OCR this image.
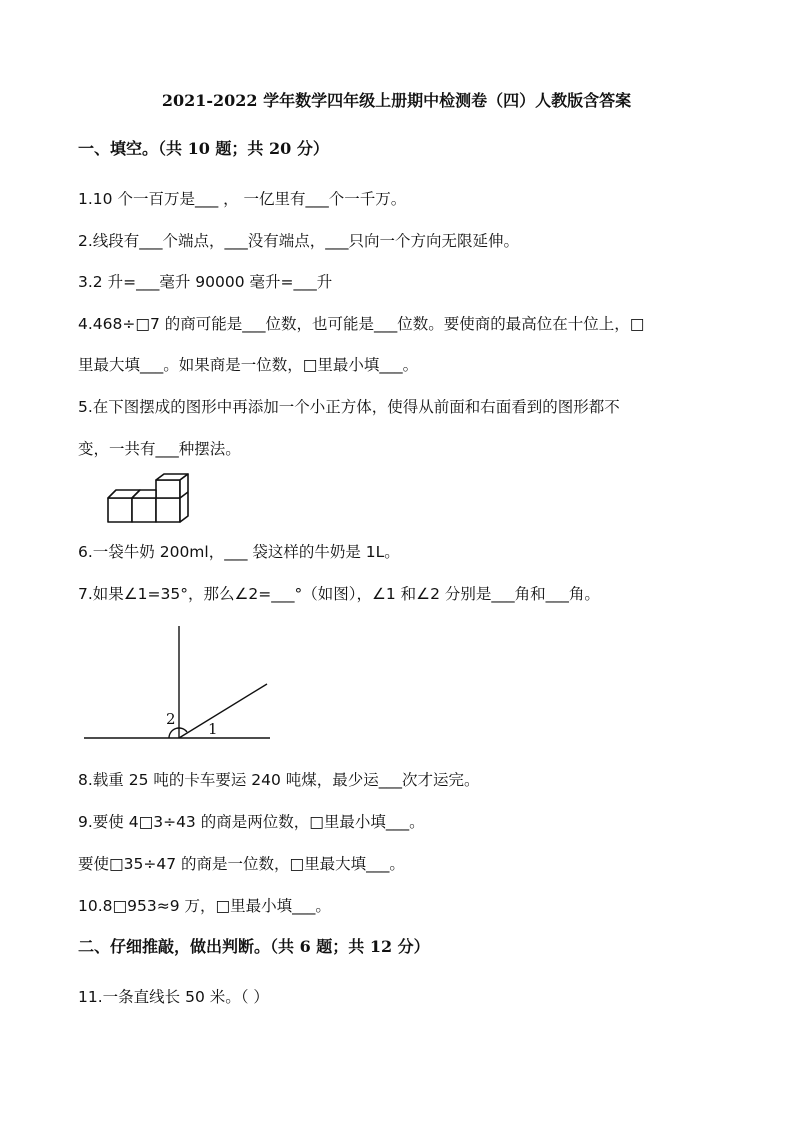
2021-2022 学年数学四年级上册期中检测卷（四）人教版含答案
一、填空。（共 10 题；共 20 分）
1.10 个一百万是___ ， 一亿里有___个一千万。
2.线段有___个端点，___没有端点，___只向一个方向无限延伸。
3.2 升=___毫升 90000 毫升=___升
4.468÷□7 的商可能是___位数，也可能是___位数。要使商的最高位在十位上，□
里最大填___。如果商是一位数，□里最小填___。
5.在下图摆成的图形中再添加一个小正方体，使得从前面和右面看到的图形都不
变，一共有___种摆法。
6.一袋牛奶 200ml，___ 袋这样的牛奶是 1L。
7.如果∠1=35°，那么∠2=___°（如图），∠1 和∠2 分别是___角和___角。
2
1
8.载重 25 吨的卡车要运 240 吨煤，最少运___次才运完。
9.要使 4□3÷43 的商是两位数，□里最小填___。
要使□35÷47 的商是一位数，□里最大填___。
10.8□953≈9 万，□里最小填___。
二、仔细推敲，做出判断。（共 6 题；共 12 分）
11.一条直线长 50 米。（ ）
